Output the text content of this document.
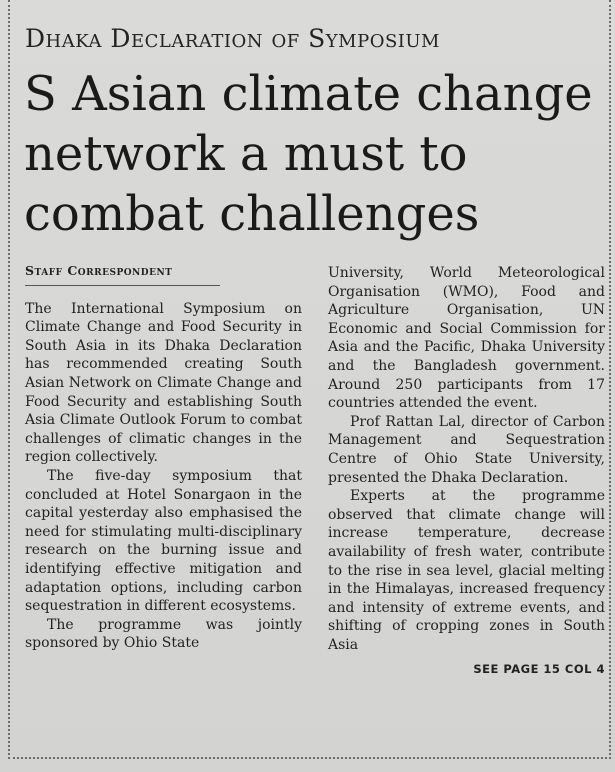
Dhaka Declaration of Symposium
S Asian climate change
network a must to
combat challenges
Staff Correspondent

The International Symposium on Climate Change and Food Security in South Asia in its Dhaka Declaration has recommended creating South Asian Network on Climate Change and Food Security and establishing South Asia Climate Outlook Forum to combat challenges of climatic changes in the region collectively.

The five-day symposium that concluded at Hotel Sonargaon in the capital yesterday also emphasised the need for stimulating multi-disciplinary research on the burning issue and identifying effective mitigation and adaptation options, including carbon sequestration in different ecosystems.

The programme was jointly sponsored by Ohio State

University, World Meteorological Organisation (WMO), Food and Agriculture Organisation, UN Economic and Social Commission for Asia and the Pacific, Dhaka University and the Bangladesh government. Around 250 participants from 17 countries attended the event.

Prof Rattan Lal, director of Carbon Management and Sequestration Centre of Ohio State University, presented the Dhaka Declaration.

Experts at the programme observed that climate change will increase temperature, decrease availability of fresh water, contribute to the rise in sea level, glacial melting in the Himalayas, increased frequency and intensity of extreme events, and shifting of cropping zones in South Asia

SEE PAGE 15 COL 4
